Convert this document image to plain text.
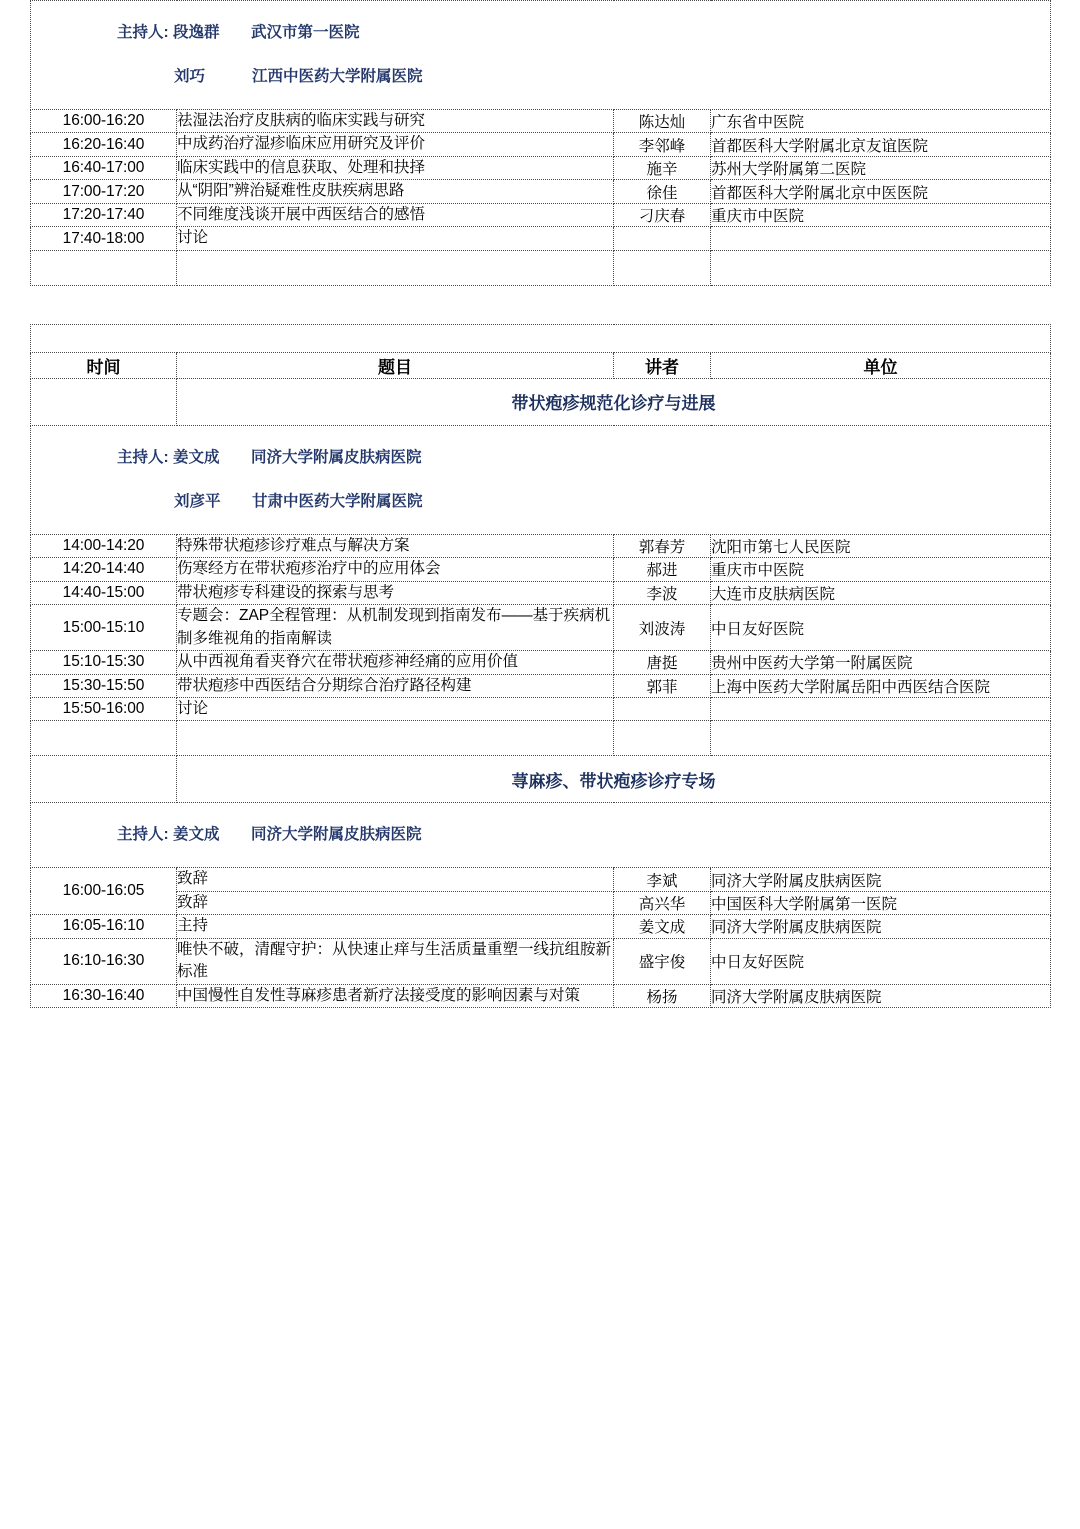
主持人: 段逸群 武汉市第一医院
刘巧 江西中医药大学附属医院			

16:00-16:20	祛湿法治疗皮肤病的临床实践与研究	陈达灿	广东省中医院
16:20-16:40	中成药治疗湿疹临床应用研究及评价	李邻峰	首都医科大学附属北京友谊医院
16:40-17:00	临床实践中的信息获取、处理和抉择	施辛	苏州大学附属第二医院
17:00-17:20	从“阴阳”辨治疑难性皮肤疾病思路	徐佳	首都医科大学附属北京中医医院
17:20-17:40	不同维度浅谈开展中西医结合的感悟	刁庆春	重庆市中医院
17:40-18:00	讨论		

分会场六（3F-311B）			
时间	题目	讲者	单位

分会场六
(3F-311B)	带状疱疹规范化诊疗与进展		

主持人: 姜文成 同济大学附属皮肤病医院
刘彦平 甘肃中医药大学附属医院			

14:00-14:20	特殊带状疱疹诊疗难点与解决方案	郭春芳	沈阳市第七人民医院
14:20-14:40	伤寒经方在带状疱疹治疗中的应用体会	郝进	重庆市中医院
14:40-15:00	带状疱疹专科建设的探索与思考	李波	大连市皮肤病医院
15:00-15:10	专题会：ZAP全程管理：从机制发现到指南发布——基于疾病机制多维视角的指南解读	刘波涛	中日友好医院
15:10-15:30	从中西视角看夹脊穴在带状疱疹神经痛的应用价值	唐挺	贵州中医药大学第一附属医院
15:30-15:50	带状疱疹中西医结合分期综合治疗路径构建	郭菲	上海中医药大学附属岳阳中西医结合医院
15:50-16:00	讨论		

分会场六
(3F-311B)	荨麻疹、带状疱疹诊疗专场		

主持人: 姜文成 同济大学附属皮肤病医院			

16:00-16:05	致辞	李斌	同济大学附属皮肤病医院
	致辞	高兴华	中国医科大学附属第一医院
16:05-16:10	主持	姜文成	同济大学附属皮肤病医院
16:10-16:30	唯快不破，清醒守护：从快速止痒与生活质量重塑一线抗组胺新标准	盛宇俊	中日友好医院
16:30-16:40	中国慢性自发性荨麻疹患者新疗法接受度的影响因素与对策	杨扬	同济大学附属皮肤病医院
